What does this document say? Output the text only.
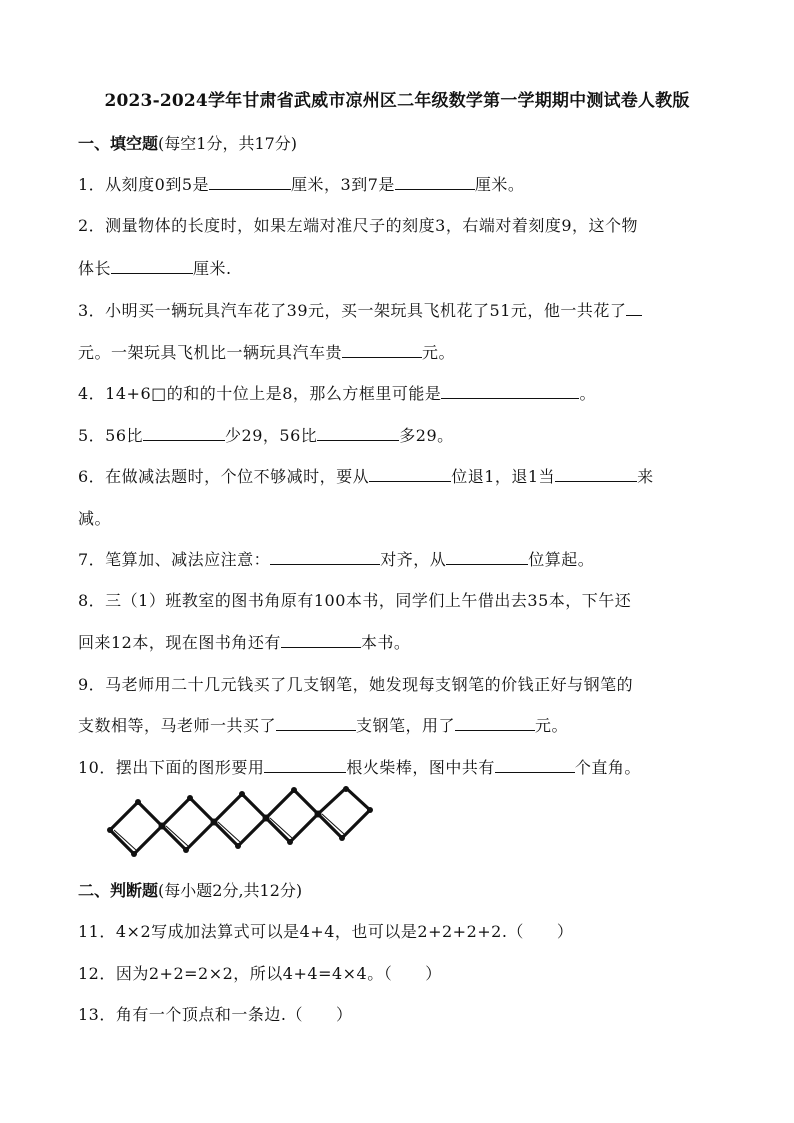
2023-2024学年甘肃省武威市凉州区二年级数学第一学期期中测试卷人教版
一、填空题(每空1分，共17分)
1．从刻度0到5是	厘米，3到7是	厘米。
2．测量物体的长度时，如果左端对准尺子的刻度3，右端对着刻度9，这个物
体长	厘米.
3．小明买一辆玩具汽车花了39元，买一架玩具飞机花了51元，他一共花了
元。一架玩具飞机比一辆玩具汽车贵	元。
4．14+6□的和的十位上是8，那么方框里可能是	。
5．56比	少29，56比	多29。
6．在做减法题时，个位不够减时，要从	位退1，退1当	来
减。
7．笔算加、减法应注意：	对齐，从	位算起。
8．三（1）班教室的图书角原有100本书，同学们上午借出去35本，下午还
回来12本，现在图书角还有	本书。
9．马老师用二十几元钱买了几支钢笔，她发现每支钢笔的价钱正好与钢笔的
支数相等，马老师一共买了	支钢笔，用了	元。
10．摆出下面的图形要用	根火柴棒，图中共有	个直角。
二、判断题(每小题2分,共12分)
11．4×2写成加法算式可以是4+4，也可以是2+2+2+2.（　　）
12．因为2+2=2×2，所以4+4=4×4。（　　）
13．角有一个顶点和一条边.（　　）
